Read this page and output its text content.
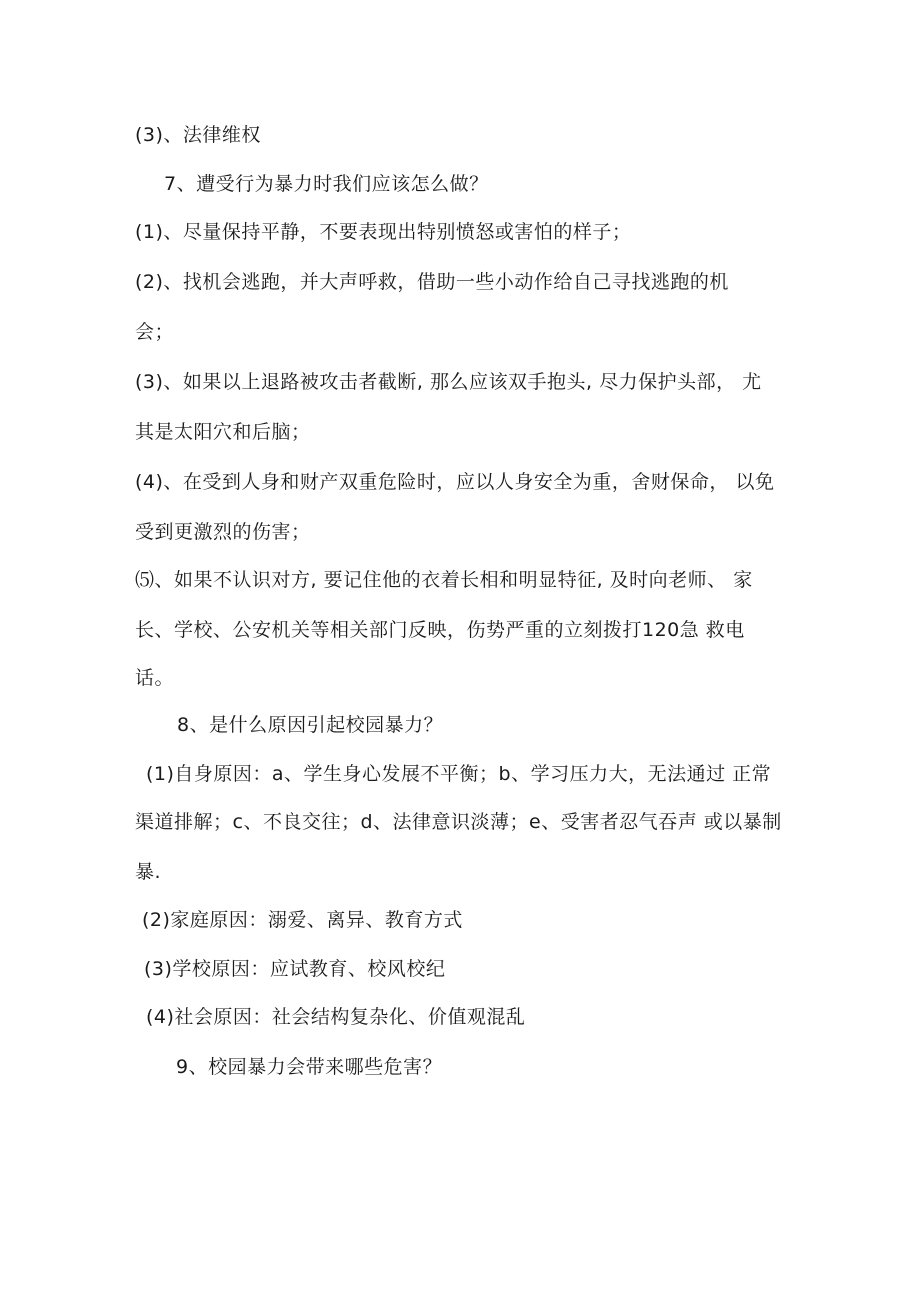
(3)、法律维权
7、遭受行为暴力时我们应该怎么做？
(1)、尽量保持平静，不要表现出特别愤怒或害怕的样子；
(2)、找机会逃跑，并大声呼救，借助一些小动作给自己寻找逃跑的机
会；
(3)、如果以上退路被攻击者截断, 那么应该双手抱头, 尽力保护头部， 尤
其是太阳穴和后脑；
(4)、在受到人身和财产双重危险时，应以人身安全为重，舍财保命， 以免
受到更激烈的伤害；
⑸、如果不认识对方, 要记住他的衣着长相和明显特征, 及时向老师、 家
长、学校、公安机关等相关部门反映，伤势严重的立刻拨打120急 救电
话。
8、是什么原因引起校园暴力？
(1)自身原因：a、学生身心发展不平衡；b、学习压力大，无法通过 正常
渠道排解；c、不良交往；d、法律意识淡薄；e、受害者忍气吞声 或以暴制
暴.
(2)家庭原因：溺爱、离异、教育方式
(3)学校原因：应试教育、校风校纪
(4)社会原因：社会结构复杂化、价值观混乱
9、校园暴力会带来哪些危害？
